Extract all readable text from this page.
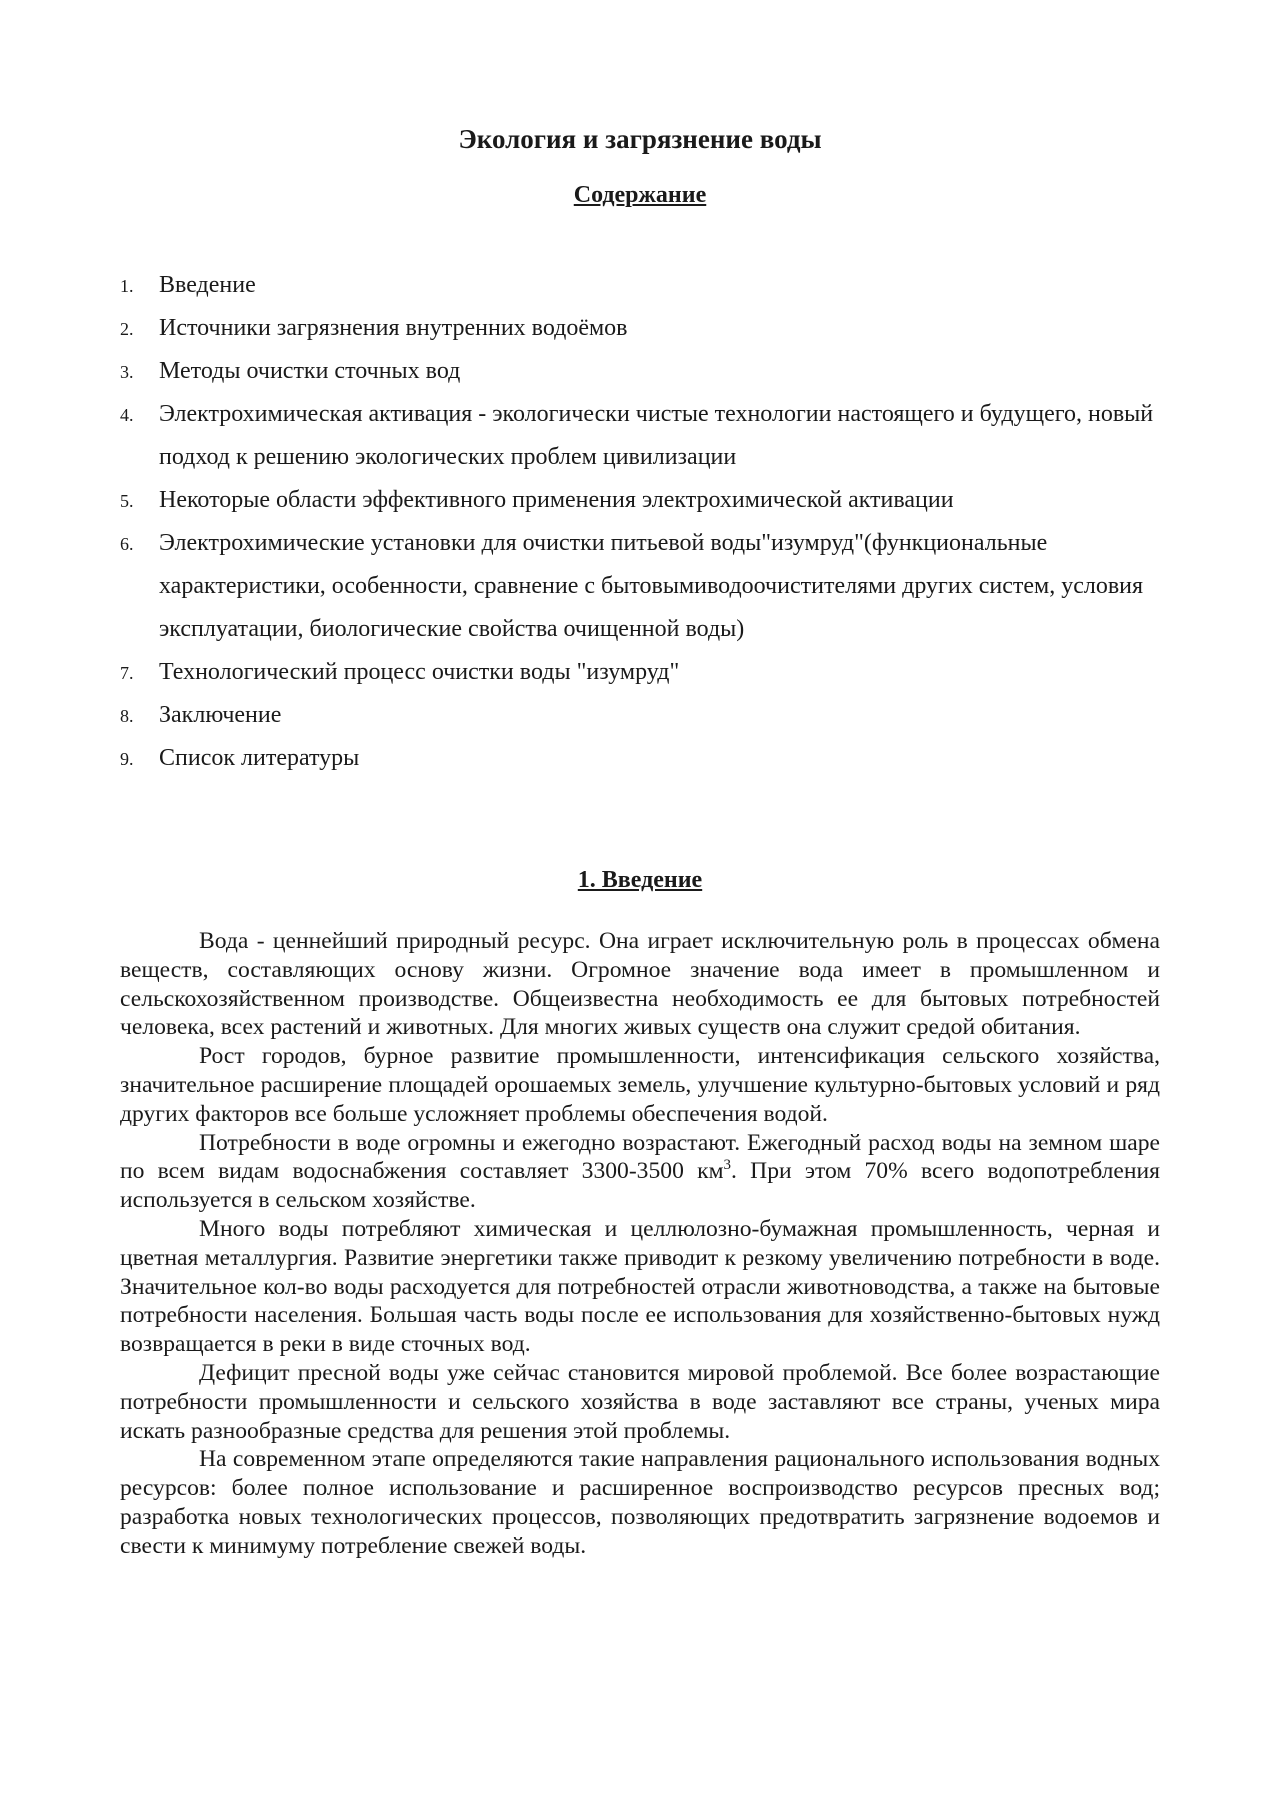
Экология и загрязнение воды
Содержание
1. Введение
2. Источники загрязнения внутренних водоёмов
3. Методы очистки сточных вод
4. Электрохимическая активация - экологически чистые технологии настоящего и будущего, новый подход к решению экологических проблем цивилизации
5. Некоторые области эффективного применения электрохимической активации
6. Электрохимические установки для очистки питьевой воды"изумруд"(функциональные характеристики, особенности, сравнение с бытовымиводоочистителями других систем, условия эксплуатации, биологические свойства очищенной воды)
7. Технологический процесс очистки воды "изумруд"
8. Заключение
9. Список литературы
1. Введение

Вода - ценнейший природный ресурс. Она играет исключительную роль в процессах обмена веществ, составляющих основу жизни. Огромное значение вода имеет в промышленном и сельскохозяйственном производстве. Общеизвестна необходимость ее для бытовых потребностей человека, всех растений и животных. Для многих живых существ она служит средой обитания.

Рост городов, бурное развитие промышленности, интенсификация сельского хозяйства, значительное расширение площадей орошаемых земель, улучшение культурно-бытовых условий и ряд других факторов все больше усложняет проблемы обеспечения водой.

Потребности в воде огромны и ежегодно возрастают. Ежегодный расход воды на земном шаре по всем видам водоснабжения составляет 3300-3500 $км^3$. При этом 70% всего водопотребления используется в сельском хозяйстве.

Много воды потребляют химическая и целлюлозно-бумажная промышленность, черная и цветная металлургия. Развитие энергетики также приводит к резкому увеличению потребности в воде. Значительное кол-во воды расходуется для потребностей отрасли животноводства, а также на бытовые потребности населения. Большая часть воды после ее использования для хозяйственно-бытовых нужд возвращается в реки в виде сточных вод.

Дефицит пресной воды уже сейчас становится мировой проблемой. Все более возрастающие потребности промышленности и сельского хозяйства в воде заставляют все страны, ученых мира искать разнообразные средства для решения этой проблемы.

На современном этапе определяются такие направления рационального использования водных ресурсов: более полное использование и расширенное воспроизводство ресурсов пресных вод; разработка новых технологических процессов, позволяющих предотвратить загрязнение водоемов и свести к минимуму потребление свежей воды.
